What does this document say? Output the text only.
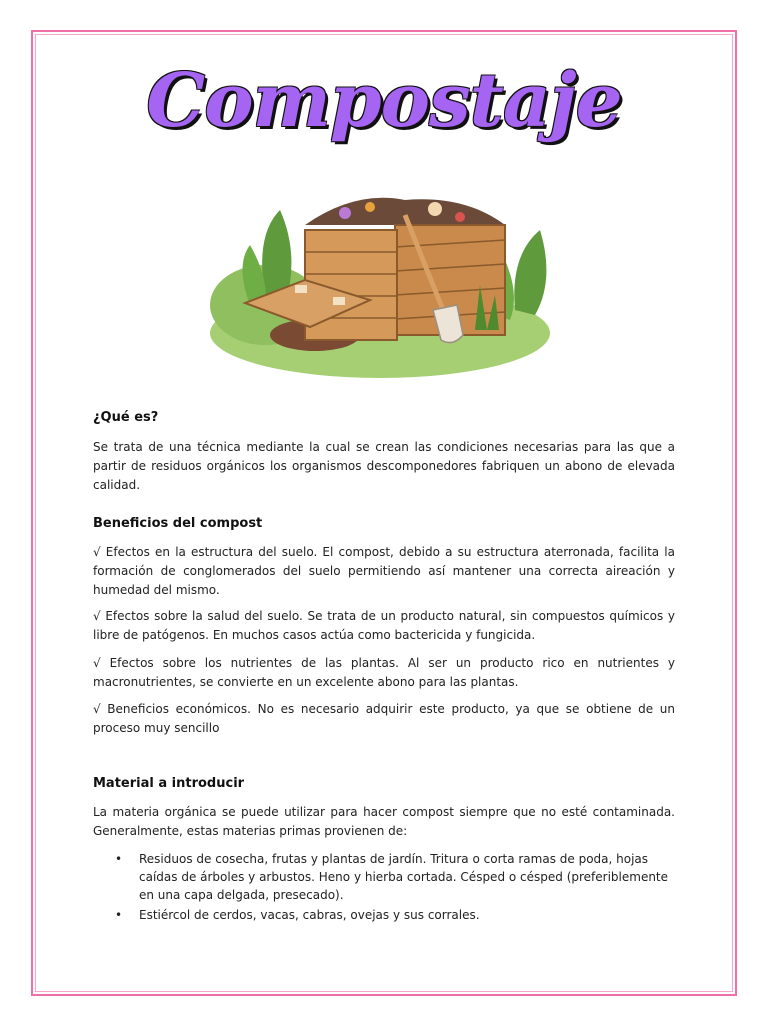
Compostaje
¿Qué es?
Se trata de una técnica mediante la cual se crean las condiciones necesarias para las que a partir de residuos orgánicos los organismos descomponedores fabriquen un abono de elevada calidad.
Beneficios del compost
√ Efectos en la estructura del suelo. El compost, debido a su estructura aterronada, facilita la formación de conglomerados del suelo permitiendo así mantener una correcta aireación y humedad del mismo.
√ Efectos sobre la salud del suelo. Se trata de un producto natural, sin compuestos químicos y libre de patógenos. En muchos casos actúa como bactericida y fungicida.
√ Efectos sobre los nutrientes de las plantas. Al ser un producto rico en nutrientes y macronutrientes, se convierte en un excelente abono para las plantas.
√ Beneficios económicos. No es necesario adquirir este producto, ya que se obtiene de un proceso muy sencillo
Material a introducir
La materia orgánica se puede utilizar para hacer compost siempre que no esté contaminada. Generalmente, estas materias primas provienen de:
• Residuos de cosecha, frutas y plantas de jardín. Tritura o corta ramas de poda, hojas caídas de árboles y arbustos. Heno y hierba cortada. Césped o césped (preferiblemente en una capa delgada, presecado).
• Estiércol de cerdos, vacas, cabras, ovejas y sus corrales.
